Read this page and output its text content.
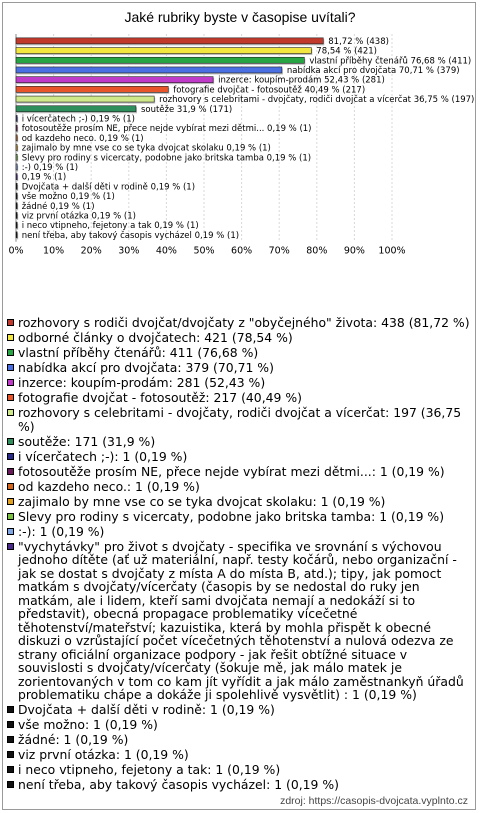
Jaké rubriky byste v časopise uvítali?
81,72 % (438)
78,54 % (421)
vlastní příběhy čtenářů 76,68 % (411)
nabídka akcí pro dvojčata 70,71 % (379)
inzerce: koupím-prodám 52,43 % (281)
fotografie dvojčat - fotosoutěž 40,49 % (217)
rozhovory s celebritami - dvojčaty, rodiči dvojčat a vícerčat 36,75 % (197)
soutěže 31,9 % (171)
i vícerčatech ;-) 0,19 % (1)
fotosoutěže prosím NE, přece nejde vybírat mezi dětmi... 0,19 % (1)
od kazdeho neco. 0,19 % (1)
zajimalo by mne vse co se tyka dvojcat skolaku 0,19 % (1)
Slevy pro rodiny s vicercaty, podobne jako britska tamba 0,19 % (1)
:-) 0,19 % (1)
0,19 % (1)
Dvojčata + další děti v rodině 0,19 % (1)
vše možno 0,19 % (1)
žádné 0,19 % (1)
viz první otázka 0,19 % (1)
i neco vtipneho, fejetony a tak 0,19 % (1)
není třeba, aby takový časopis vycházel 0,19 % (1)
0% 10% 20% 30% 40% 50% 60% 70% 80% 90% 100%
rozhovory s rodiči dvojčat/dvojčaty z "obyčejného" života: 438 (81,72 %)
odborné články o dvojčatech: 421 (78,54 %)
vlastní příběhy čtenářů: 411 (76,68 %)
nabídka akcí pro dvojčata: 379 (70,71 %)
inzerce: koupím-prodám: 281 (52,43 %)
fotografie dvojčat - fotosoutěž: 217 (40,49 %)
rozhovory s celebritami - dvojčaty, rodiči dvojčat a vícerčat: 197 (36,75 %)
soutěže: 171 (31,9 %)
i vícerčatech ;-): 1 (0,19 %)
fotosoutěže prosím NE, přece nejde vybírat mezi dětmi...: 1 (0,19 %)
od kazdeho neco.: 1 (0,19 %)
zajimalo by mne vse co se tyka dvojcat skolaku: 1 (0,19 %)
Slevy pro rodiny s vicercaty, podobne jako britska tamba: 1 (0,19 %)
:-): 1 (0,19 %)
"vychytávky" pro život s dvojčaty - specifika ve srovnání s výchovou jednoho dítěte (ať už materiální, např. testy kočárů, nebo organizační - jak se dostat s dvojčaty z místa A do místa B, atd.); tipy, jak pomoct matkám s dvojčaty/vícerčaty (časopis by se nedostal do ruky jen matkám, ale i lidem, kteří sami dvojčata nemají a nedokáží si to představit), obecná propagace problematiky vícečetné těhotenství/mateřství; kazuistika, která by mohla přispět k obecné diskuzi o vzrůstající počet vícečetných těhotenství a nulová odezva ze strany oficiální organizace podpory - jak řešit obtížné situace v souvislosti s dvojčaty/vícerčaty (šokuje mě, jak málo matek je zorientovaných v tom co kam jít vyřídit a jak málo zaměstnankyň úřadů problematiku chápe a dokáže ji spolehlivě vysvětlit) : 1 (0,19 %)
Dvojčata + další děti v rodině: 1 (0,19 %)
vše možno: 1 (0,19 %)
žádné: 1 (0,19 %)
viz první otázka: 1 (0,19 %)
i neco vtipneho, fejetony a tak: 1 (0,19 %)
není třeba, aby takový časopis vycházel: 1 (0,19 %)
zdroj: https://casopis-dvojcata.vyplnto.cz
